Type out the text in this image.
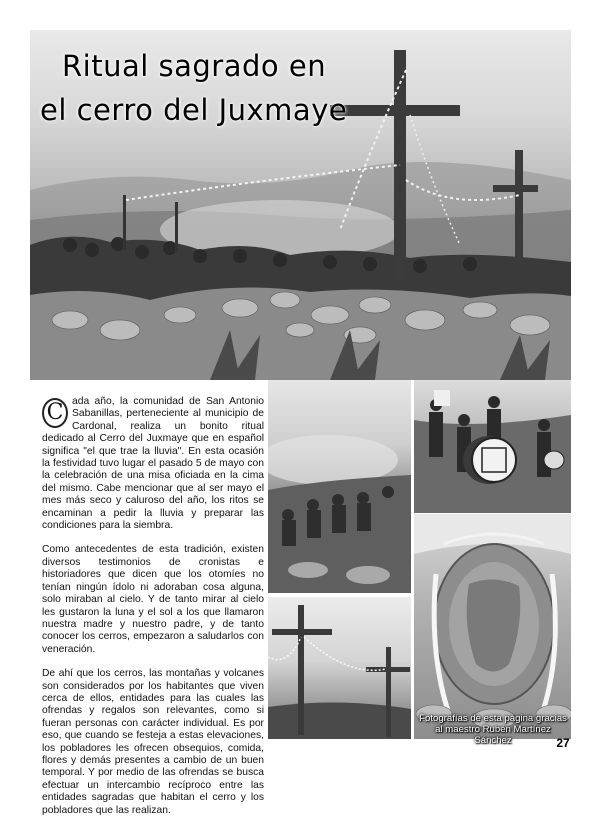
Ritual sagrado en
el cerro del Juxmaye

C ada año, la comunidad de San Antonio Sabanillas, perteneciente al municipio de Cardonal, realiza un bonito ritual dedicado al Cerro del Juxmaye que en español significa "el que trae la lluvia". En esta ocasión la festividad tuvo lugar el pasado 5 de mayo con la celebración de una misa oficiada en la cima del mismo. Cabe mencionar que al ser mayo el mes más seco y caluroso del año, los ritos se encaminan a pedir la lluvia y preparar las condiciones para la siembra.

Como antecedentes de esta tradición, existen diversos testimonios de cronistas e historiadores que dicen que los otomíes no tenían ningún ídolo ni adoraban cosa alguna, solo miraban al cielo. Y de tanto mirar al cielo les gustaron la luna y el sol a los que llamaron nuestra madre y nuestro padre, y de tanto conocer los cerros, empezaron a saludarlos con veneración.

De ahí que los cerros, las montañas y volcanes son considerados por los habitantes que viven cerca de ellos, entidades para las cuales las ofrendas y regalos son relevantes, como si fueran personas con carácter individual. Es por eso, que cuando se festeja a estas elevaciones, los pobladores les ofrecen obsequios, comida, flores y demás presentes a cambio de un buen temporal. Y por medio de las ofrendas se busca efectuar un intercambio recíproco entre las entidades sagradas que habitan el cerro y los pobladores que las realizan.

Fotografías de esta página gracias al maestro Rubén Martínez Sánchez	27
